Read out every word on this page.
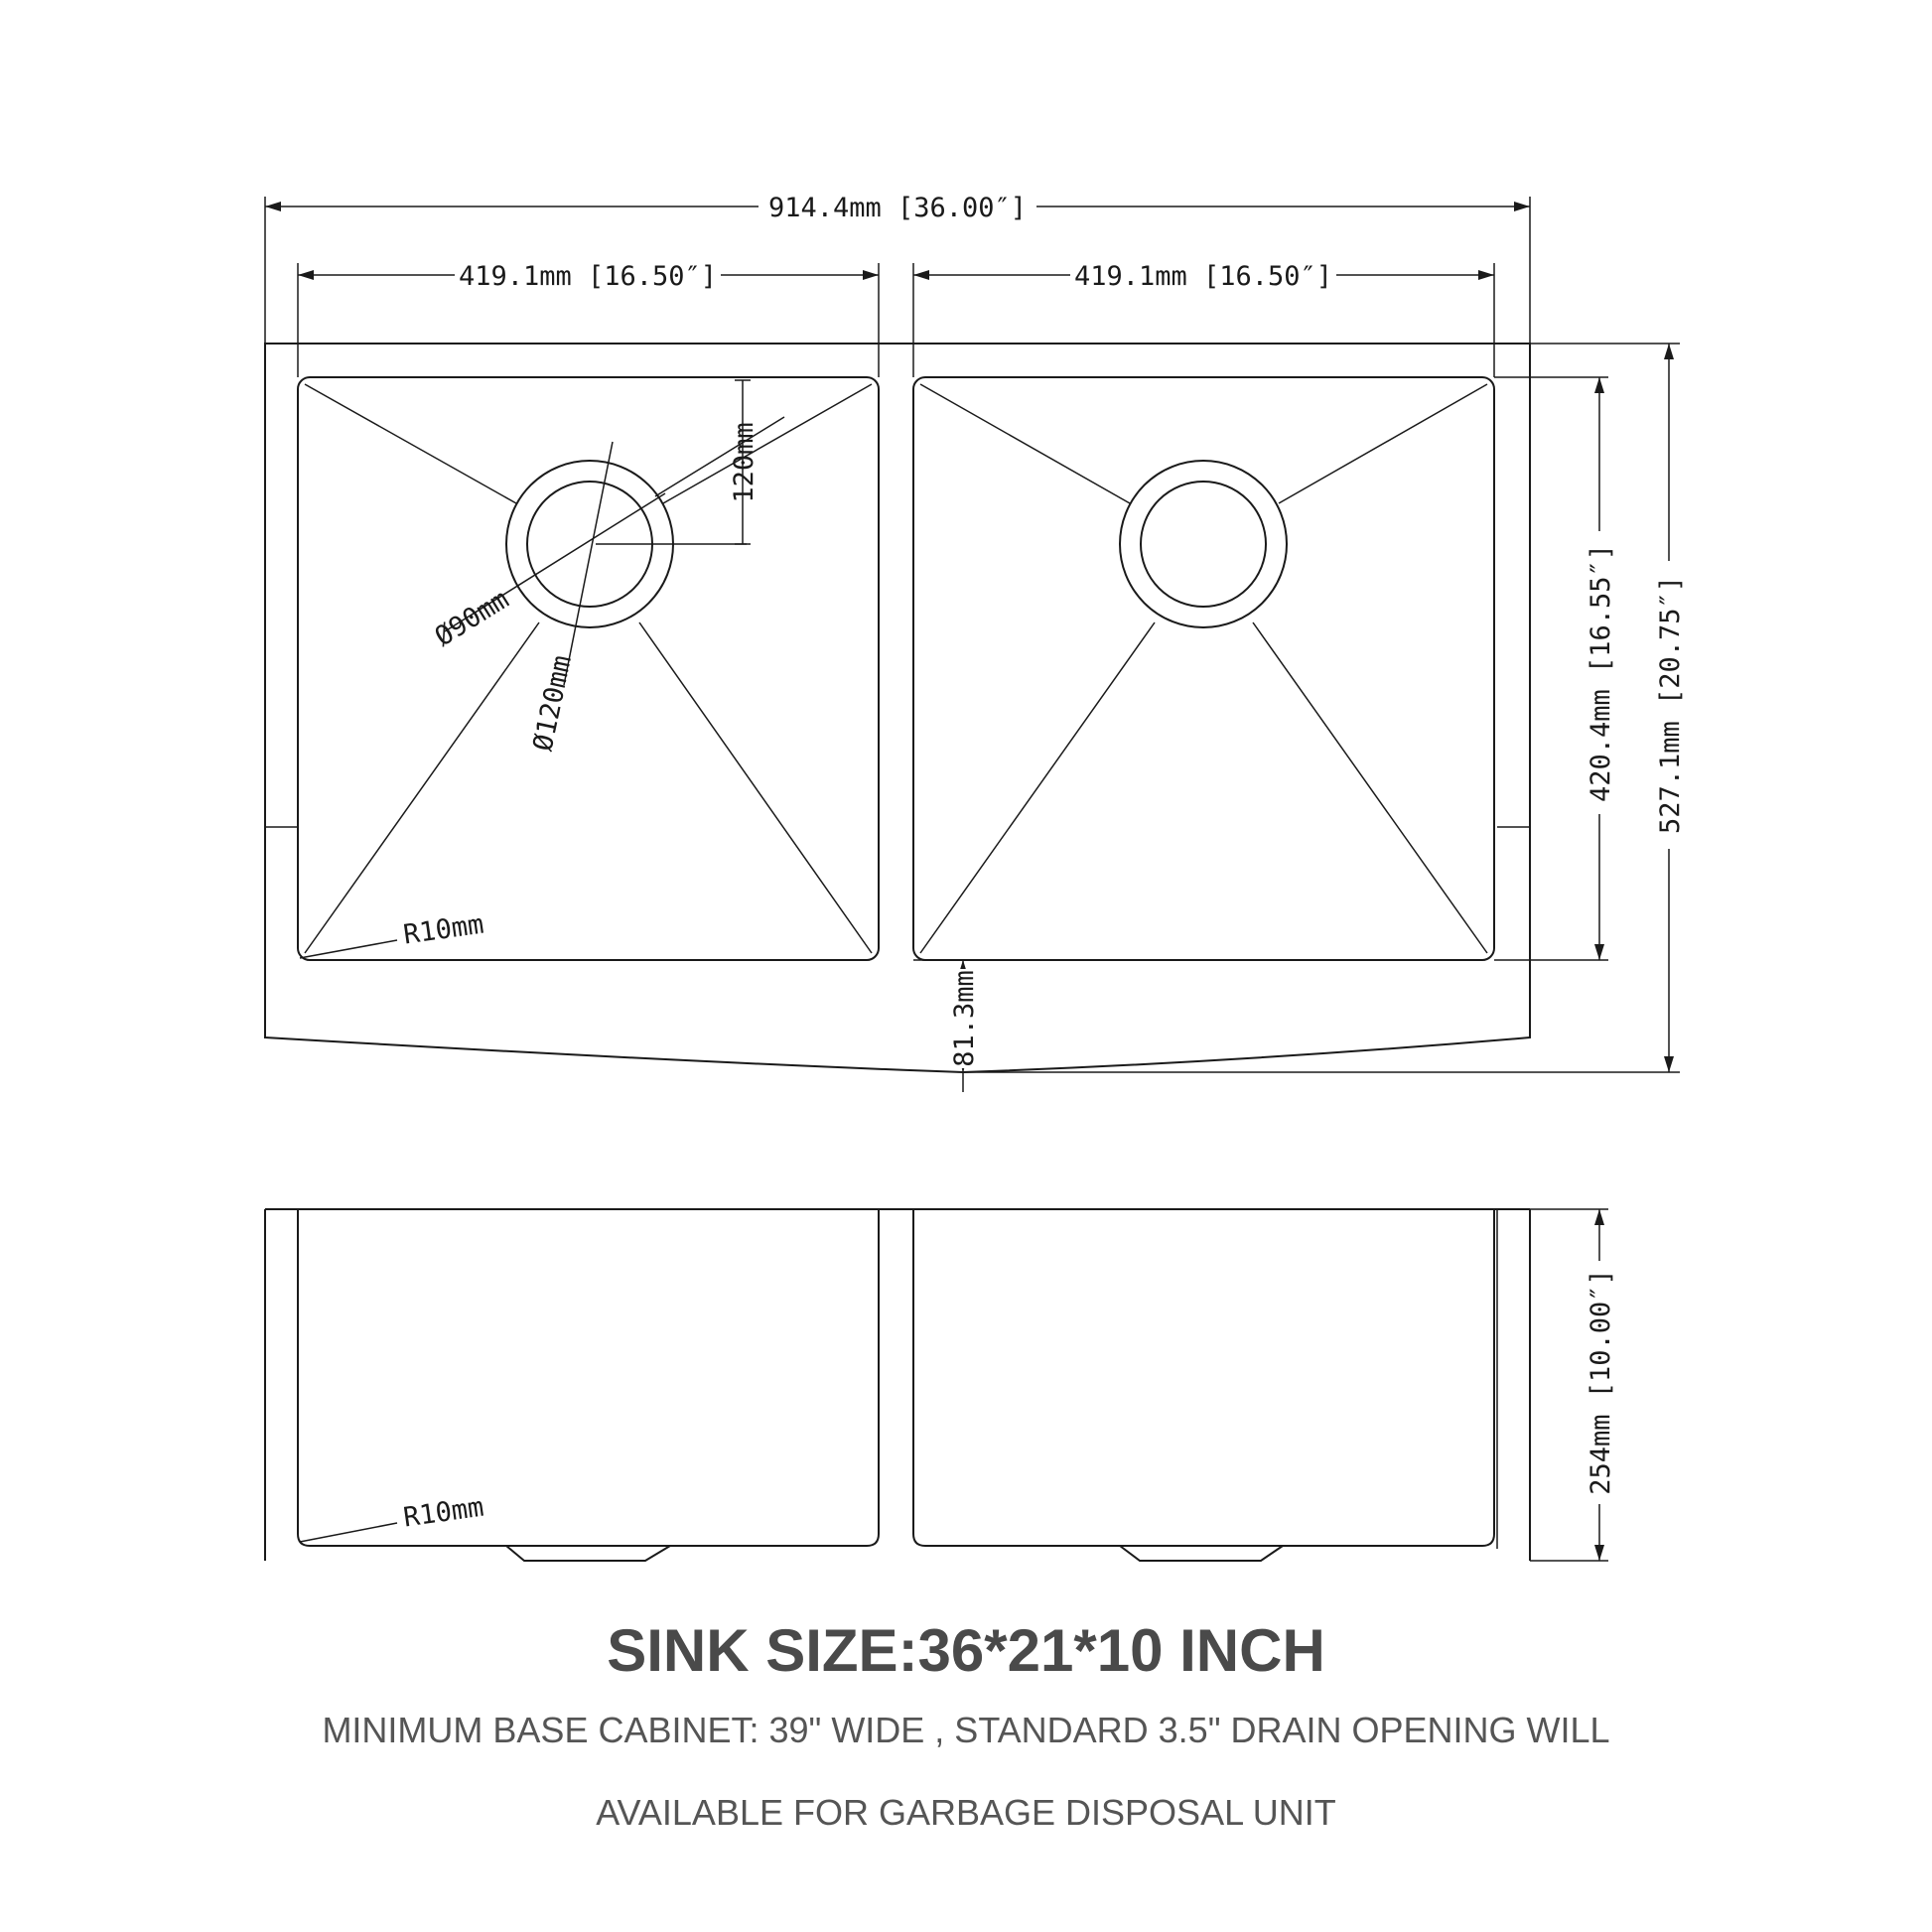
914.4mm [36.00″]
419.1mm [16.50″]	419.1mm [16.50″]
120mm
Ø90mm
Ø120mm
R10mm
420.4mm [16.55″] 527.1mm [20.75″]
81.3mm
R10mm
254mm [10.00″]
SINK SIZE:36*21*10 INCH
MINIMUM BASE CABINET: 39" WIDE , STANDARD 3.5" DRAIN OPENING WILL
AVAILABLE FOR GARBAGE DISPOSAL UNIT
